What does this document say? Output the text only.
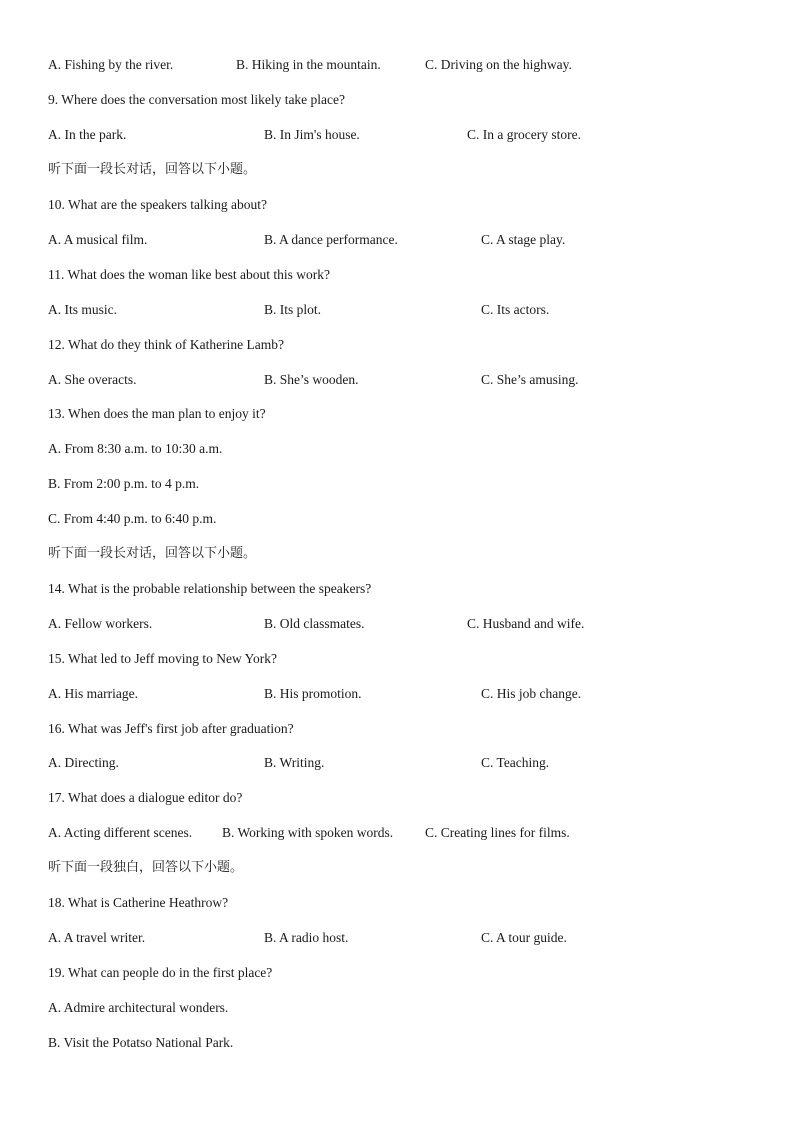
A. Fishing by the river.	B. Hiking in the mountain.	C. Driving on the highway.
9. Where does the conversation most likely take place?
A. In the park.	B. In Jim's house.	C. In a grocery store.
听下面一段长对话，回答以下小题。
10. What are the speakers talking about?
A. A musical film.	B. A dance performance.	C. A stage play.
11. What does the woman like best about this work?
A. Its music.	B. Its plot.	C. Its actors.
12. What do they think of Katherine Lamb?
A. She overacts.	B. She’s wooden.	C. She’s amusing.
13. When does the man plan to enjoy it?
A. From 8:30 a.m. to 10:30 a.m.
B. From 2:00 p.m. to 4 p.m.
C. From 4:40 p.m. to 6:40 p.m.
听下面一段长对话，回答以下小题。
14. What is the probable relationship between the speakers?
A. Fellow workers.	B. Old classmates.	C. Husband and wife.
15. What led to Jeff moving to New York?
A. His marriage.	B. His promotion.	C. His job change.
16. What was Jeff's first job after graduation?
A. Directing.	B. Writing.	C. Teaching.
17. What does a dialogue editor do?
A. Acting different scenes. B. Working with spoken words. C. Creating lines for films.
听下面一段独白，回答以下小题。
18. What is Catherine Heathrow?
A. A travel writer.	B. A radio host.	C. A tour guide.
19. What can people do in the first place?
A. Admire architectural wonders.
B. Visit the Potatso National Park.
